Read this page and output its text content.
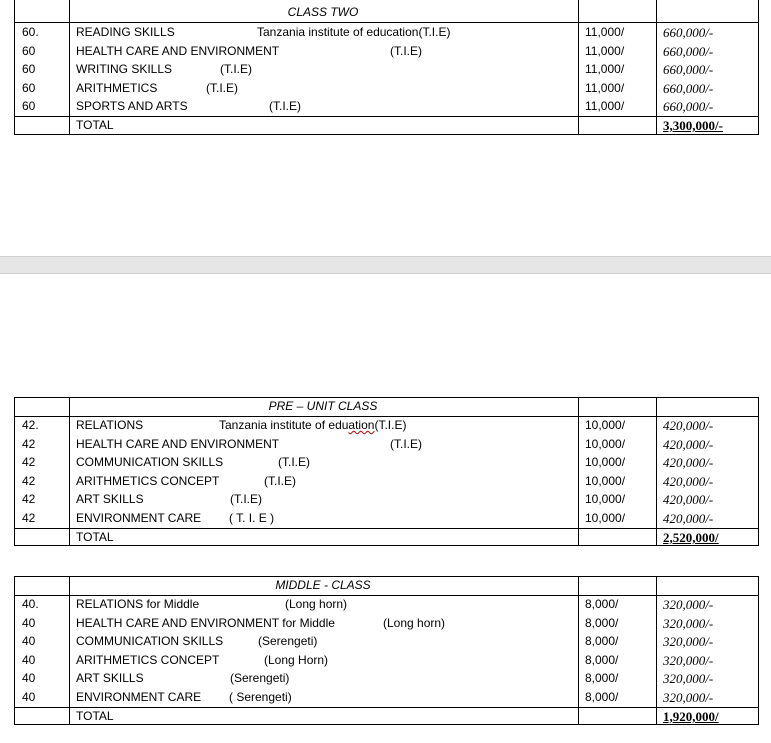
CLASS TWO
60.	READING SKILLS	Tanzania institute of education(T.I.E)	11,000/	660,000/-
60	HEALTH CARE AND ENVIRONMENT	(T.I.E)	11,000/	660,000/-
60	WRITING SKILLS	(T.I.E)	11,000/	660,000/-
60	ARITHMETICS	(T.I.E)	11,000/	660,000/-
60	SPORTS AND ARTS	(T.I.E)	11,000/	660,000/-
TOTAL	3,300,000/-
PRE – UNIT CLASS
42.	RELATIONS	Tanzania institute of eduation(T.I.E)	10,000/	420,000/-
42	HEALTH CARE AND ENVIRONMENT	(T.I.E)	10,000/	420,000/-
42	COMMUNICATION SKILLS	(T.I.E)	10,000/	420,000/-
42	ARITHMETICS CONCEPT	(T.I.E)	10,000/	420,000/-
42	ART SKILLS	(T.I.E)	10,000/	420,000/-
42	ENVIRONMENT CARE ( T. I. E )	10,000/	420,000/-
TOTAL	2,520,000/
MIDDLE - CLASS
40.	RELATIONS for Middle	(Long horn)	8,000/	320,000/-
40	HEALTH CARE AND ENVIRONMENT for Middle	(Long horn)	8,000/	320,000/-
40	COMMUNICATION SKILLS	(Serengeti)	8,000/	320,000/-
40	ARITHMETICS CONCEPT	(Long Horn)	8,000/	320,000/-
40	ART SKILLS	(Serengeti)	8,000/	320,000/-
40	ENVIRONMENT CARE ( Serengeti)	8,000/	320,000/-
TOTAL	1,920,000/
